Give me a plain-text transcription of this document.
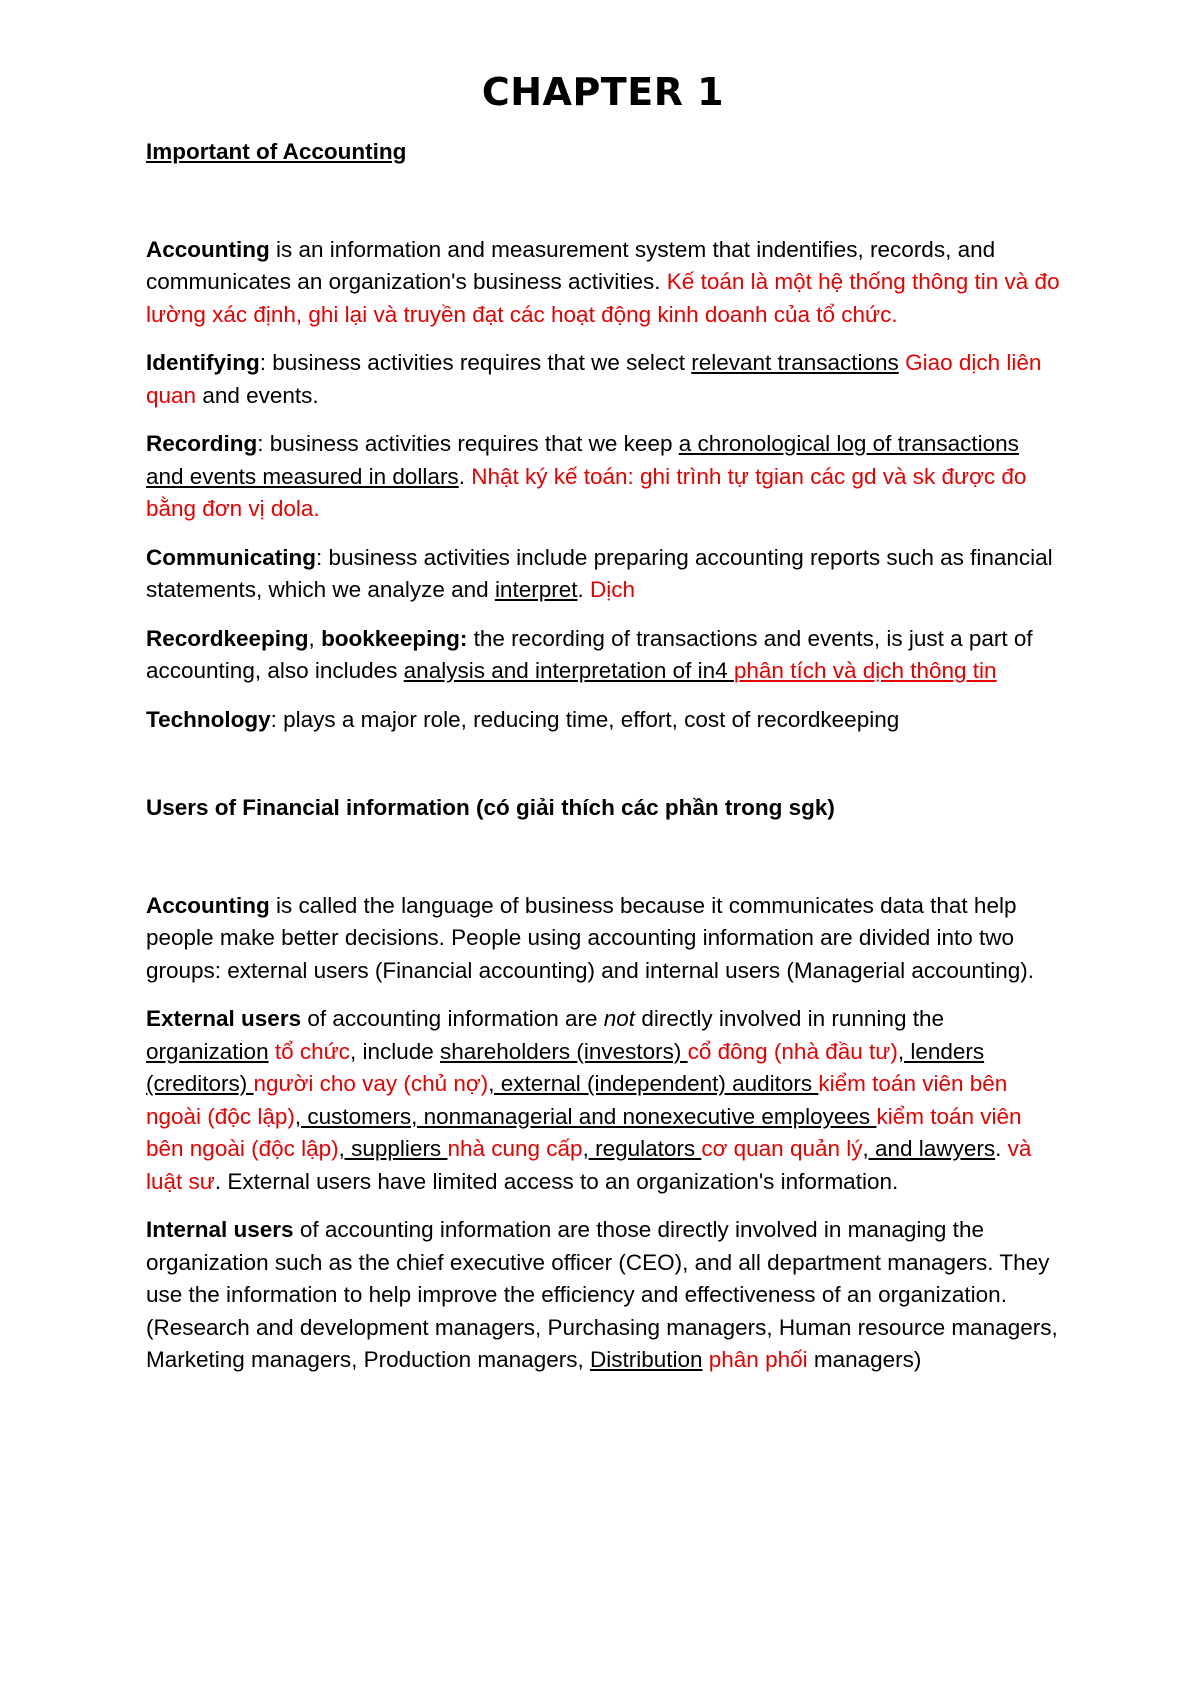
CHAPTER 1

Important of Accounting

Accounting is an information and measurement system that indentifies, records, and communicates an organization's business activities. Kế toán là một hệ thống thông tin và đo lường xác định, ghi lại và truyền đạt các hoạt động kinh doanh của tổ chức.

Identifying: business activities requires that we select relevant transactions Giao dịch liên quan and events.

Recording: business activities requires that we keep a chronological log of transactions and events measured in dollars. Nhật ký kế toán: ghi trình tự tgian các gd và sk được đo bằng đơn vị dola.

Communicating: business activities include preparing accounting reports such as financial statements, which we analyze and interpret. Dịch

Recordkeeping, bookkeeping: the recording of transactions and events, is just a part of accounting, also includes analysis and interpretation of in4 phân tích và dịch thông tin

Technology: plays a major role, reducing time, effort, cost of recordkeeping

Users of Financial information (có giải thích các phần trong sgk)

Accounting is called the language of business because it communicates data that help people make better decisions. People using accounting information are divided into two groups: external users (Financial accounting) and internal users (Managerial accounting).

External users of accounting information are not directly involved in running the organization tổ chức, include shareholders (investors) cổ đông (nhà đầu tư), lenders (creditors) người cho vay (chủ nợ), external (independent) auditors kiểm toán viên bên ngoài (độc lập), customers, nonmanagerial and nonexecutive employees kiểm toán viên bên ngoài (độc lập), suppliers nhà cung cấp, regulators cơ quan quản lý, and lawyers. và luật sư. External users have limited access to an organization's information.

Internal users of accounting information are those directly involved in managing the organization such as the chief executive officer (CEO), and all department managers. They use the information to help improve the efficiency and effectiveness of an organization. (Research and development managers, Purchasing managers, Human resource managers, Marketing managers, Production managers, Distribution phân phối managers)
